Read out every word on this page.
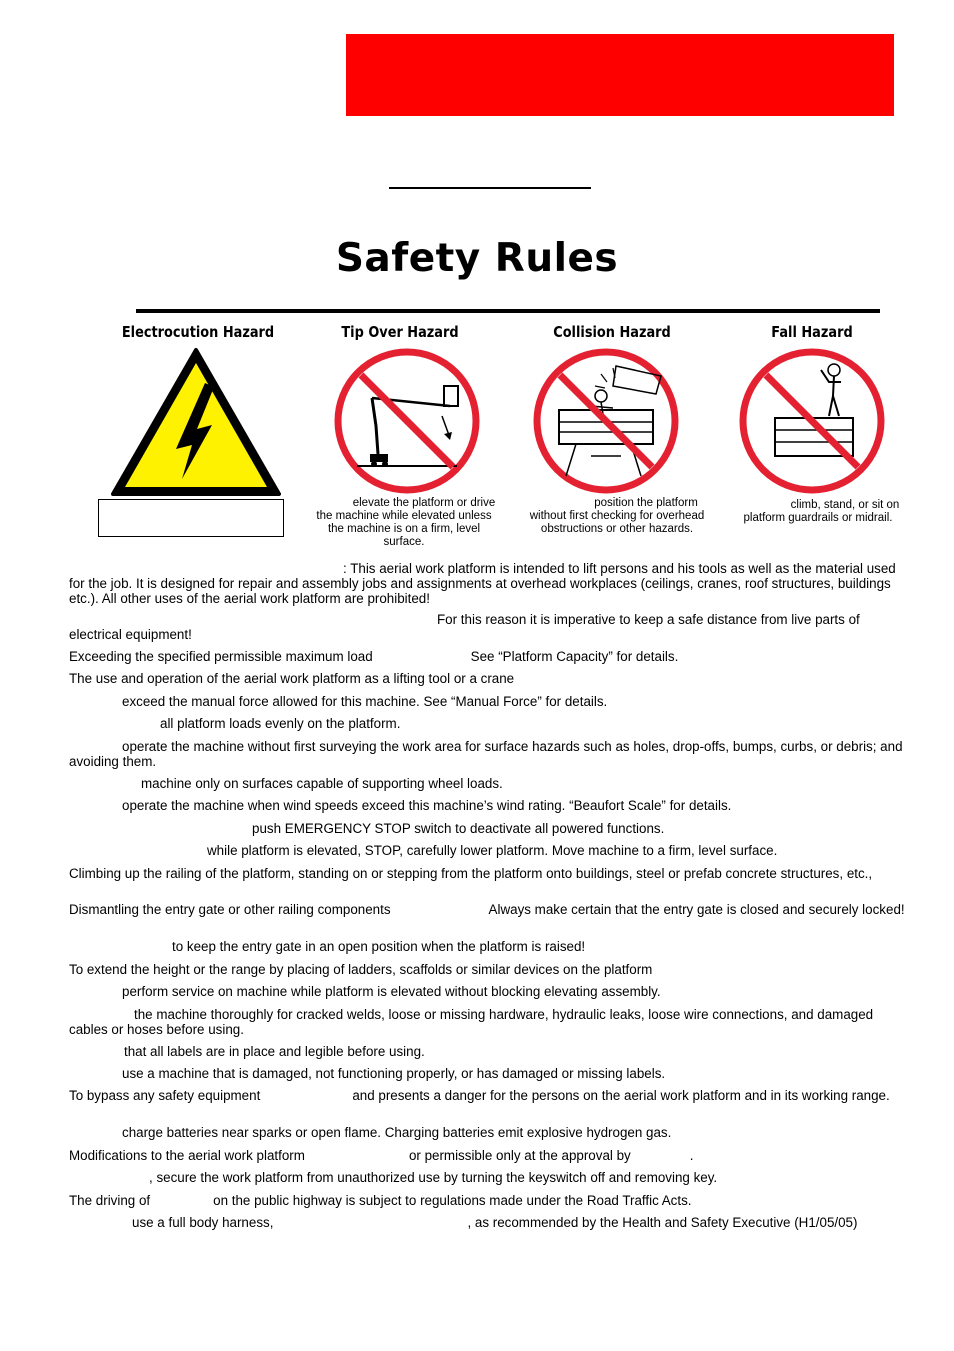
Safety Rules
Electrocution Hazard	Tip Over Hazard	Collision Hazard	Fall Hazard
elevate the platform or drive
the machine while elevated unless
the machine is on a firm, level
surface.
position the platform
without first checking for overhead
obstructions or other hazards.
climb, stand, or sit on
platform guardrails or midrail.
: This aerial work platform is intended to lift persons and his tools as well as the material used for the job. It is designed for repair and assembly jobs and assignments at overhead workplaces (ceilings, cranes, roof structures, buildings etc.). All other uses of the aerial work platform are prohibited!
For this reason it is imperative to keep a safe distance from live parts of electrical equipment!
Exceeding the specified permissible maximum load	See “Platform Capacity” for details.
The use and operation of the aerial work platform as a lifting tool or a crane
exceed the manual force allowed for this machine. See “Manual Force” for details.
all platform loads evenly on the platform.
operate the machine without first surveying the work area for surface hazards such as holes, drop-offs, bumps, curbs, or debris; and avoiding them.
machine only on surfaces capable of supporting wheel loads.
operate the machine when wind speeds exceed this machine’s wind rating. “Beaufort Scale” for details.
push EMERGENCY STOP switch to deactivate all powered functions.
while platform is elevated, STOP, carefully lower platform. Move machine to a firm, level surface.
Climbing up the railing of the platform, standing on or stepping from the platform onto buildings, steel or prefab concrete structures, etc.,
Dismantling the entry gate or other railing components	Always make certain that the entry gate is closed and securely locked!
to keep the entry gate in an open position when the platform is raised!
To extend the height or the range by placing of ladders, scaffolds or similar devices on the platform
perform service on machine while platform is elevated without blocking elevating assembly.
the machine thoroughly for cracked welds, loose or missing hardware, hydraulic leaks, loose wire connections, and damaged cables or hoses before using.
that all labels are in place and legible before using.
use a machine that is damaged, not functioning properly, or has damaged or missing labels.
To bypass any safety equipment	and presents a danger for the persons on the aerial work platform and in its working range.
charge batteries near sparks or open flame. Charging batteries emit explosive hydrogen gas.
Modifications to the aerial work platform	or permissible only at the approval by	.
, secure the work platform from unauthorized use by turning the keyswitch off and removing key.
The driving of	on the public highway is subject to regulations made under the Road Traffic Acts.
use a full body harness,	, as recommended by the Health and Safety Executive (H1/05/05)
